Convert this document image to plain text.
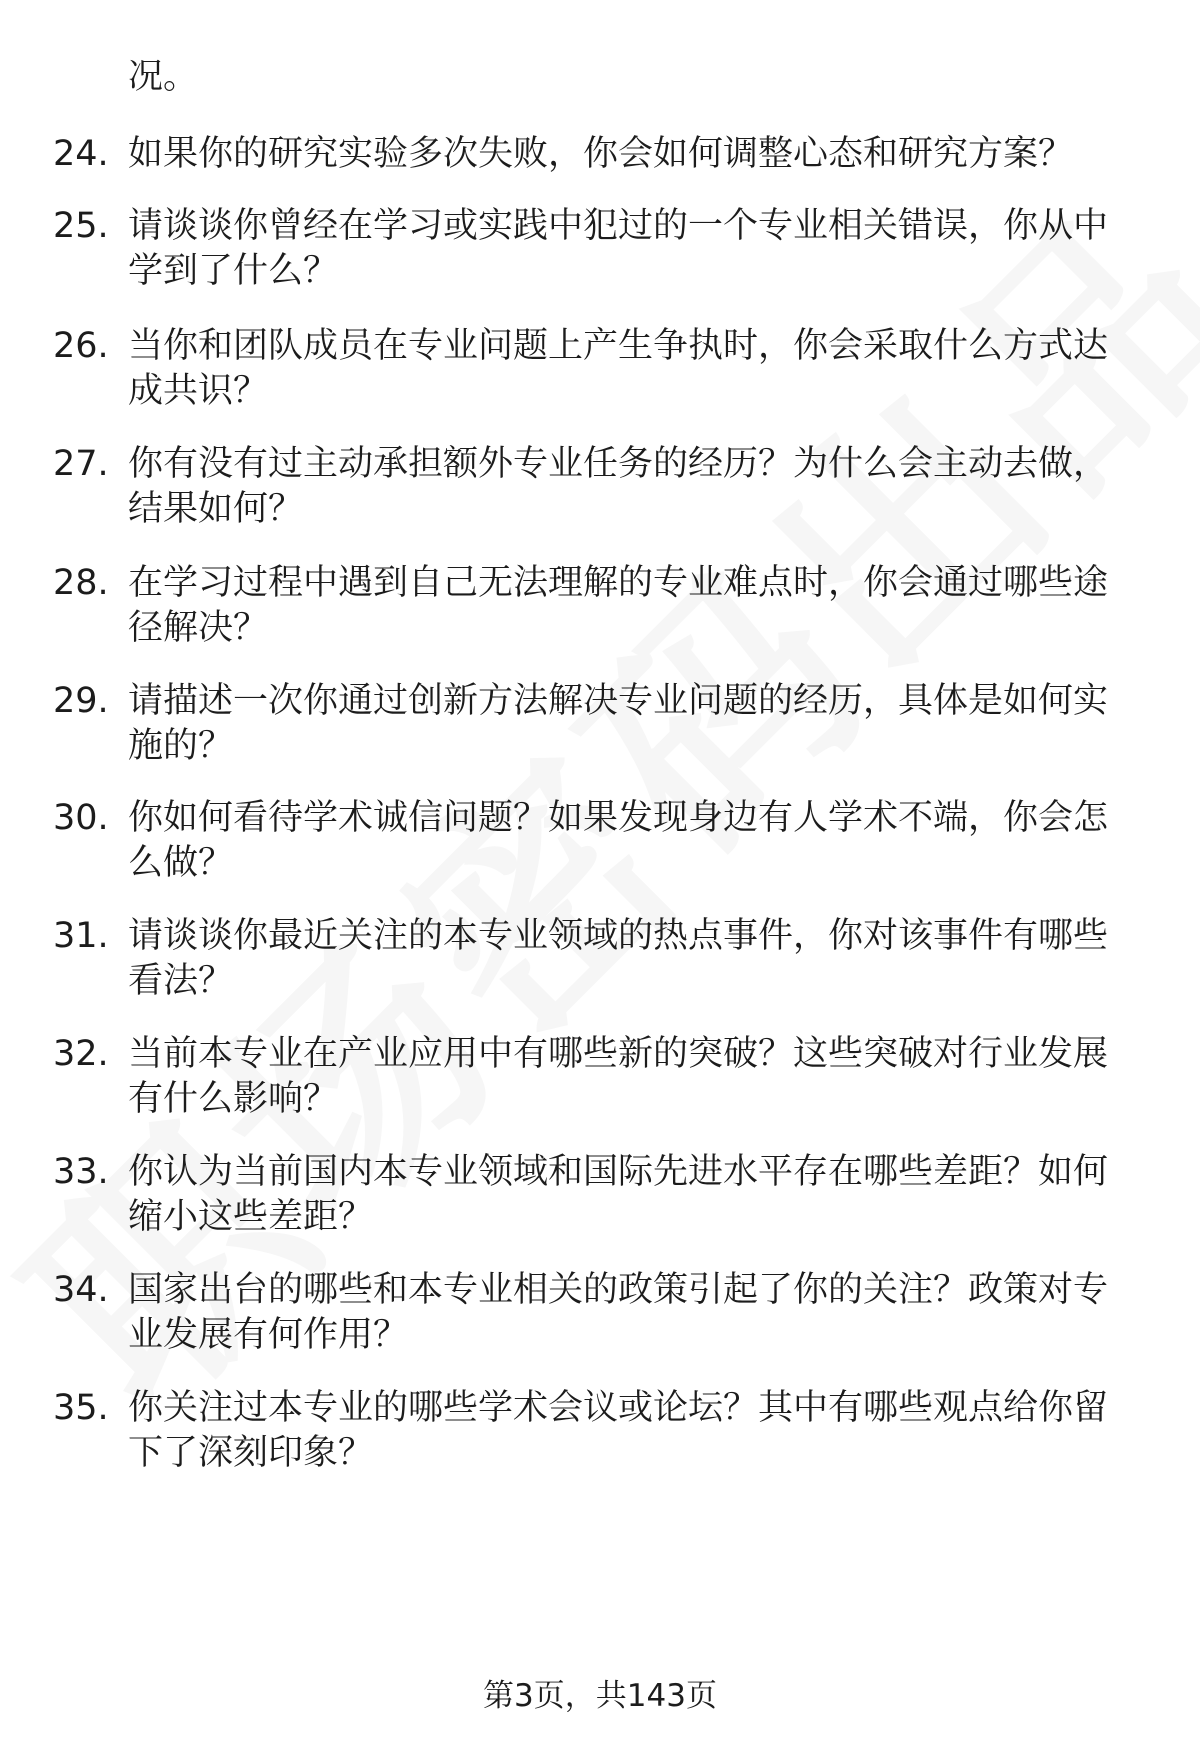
况。
24. 如果你的研究实验多次失败，你会如何调整心态和研究方案？
25. 请谈谈你曾经在学习或实践中犯过的一个专业相关错误，你从中
学到了什么？
26. 当你和团队成员在专业问题上产生争执时，你会采取什么方式达
成共识？
27. 你有没有过主动承担额外专业任务的经历？为什么会主动去做，
结果如何？
28. 在学习过程中遇到自己无法理解的专业难点时，你会通过哪些途
径解决？
29. 请描述一次你通过创新方法解决专业问题的经历，具体是如何实
施的？
30. 你如何看待学术诚信问题？如果发现身边有人学术不端，你会怎
么做？
31. 请谈谈你最近关注的本专业领域的热点事件，你对该事件有哪些
看法？
32. 当前本专业在产业应用中有哪些新的突破？这些突破对行业发展
有什么影响？
33. 你认为当前国内本专业领域和国际先进水平存在哪些差距？如何
缩小这些差距？
34. 国家出台的哪些和本专业相关的政策引起了你的关注？政策对专
业发展有何作用？
35. 你关注过本专业的哪些学术会议或论坛？其中有哪些观点给你留
下了深刻印象？
第3页，共143页
